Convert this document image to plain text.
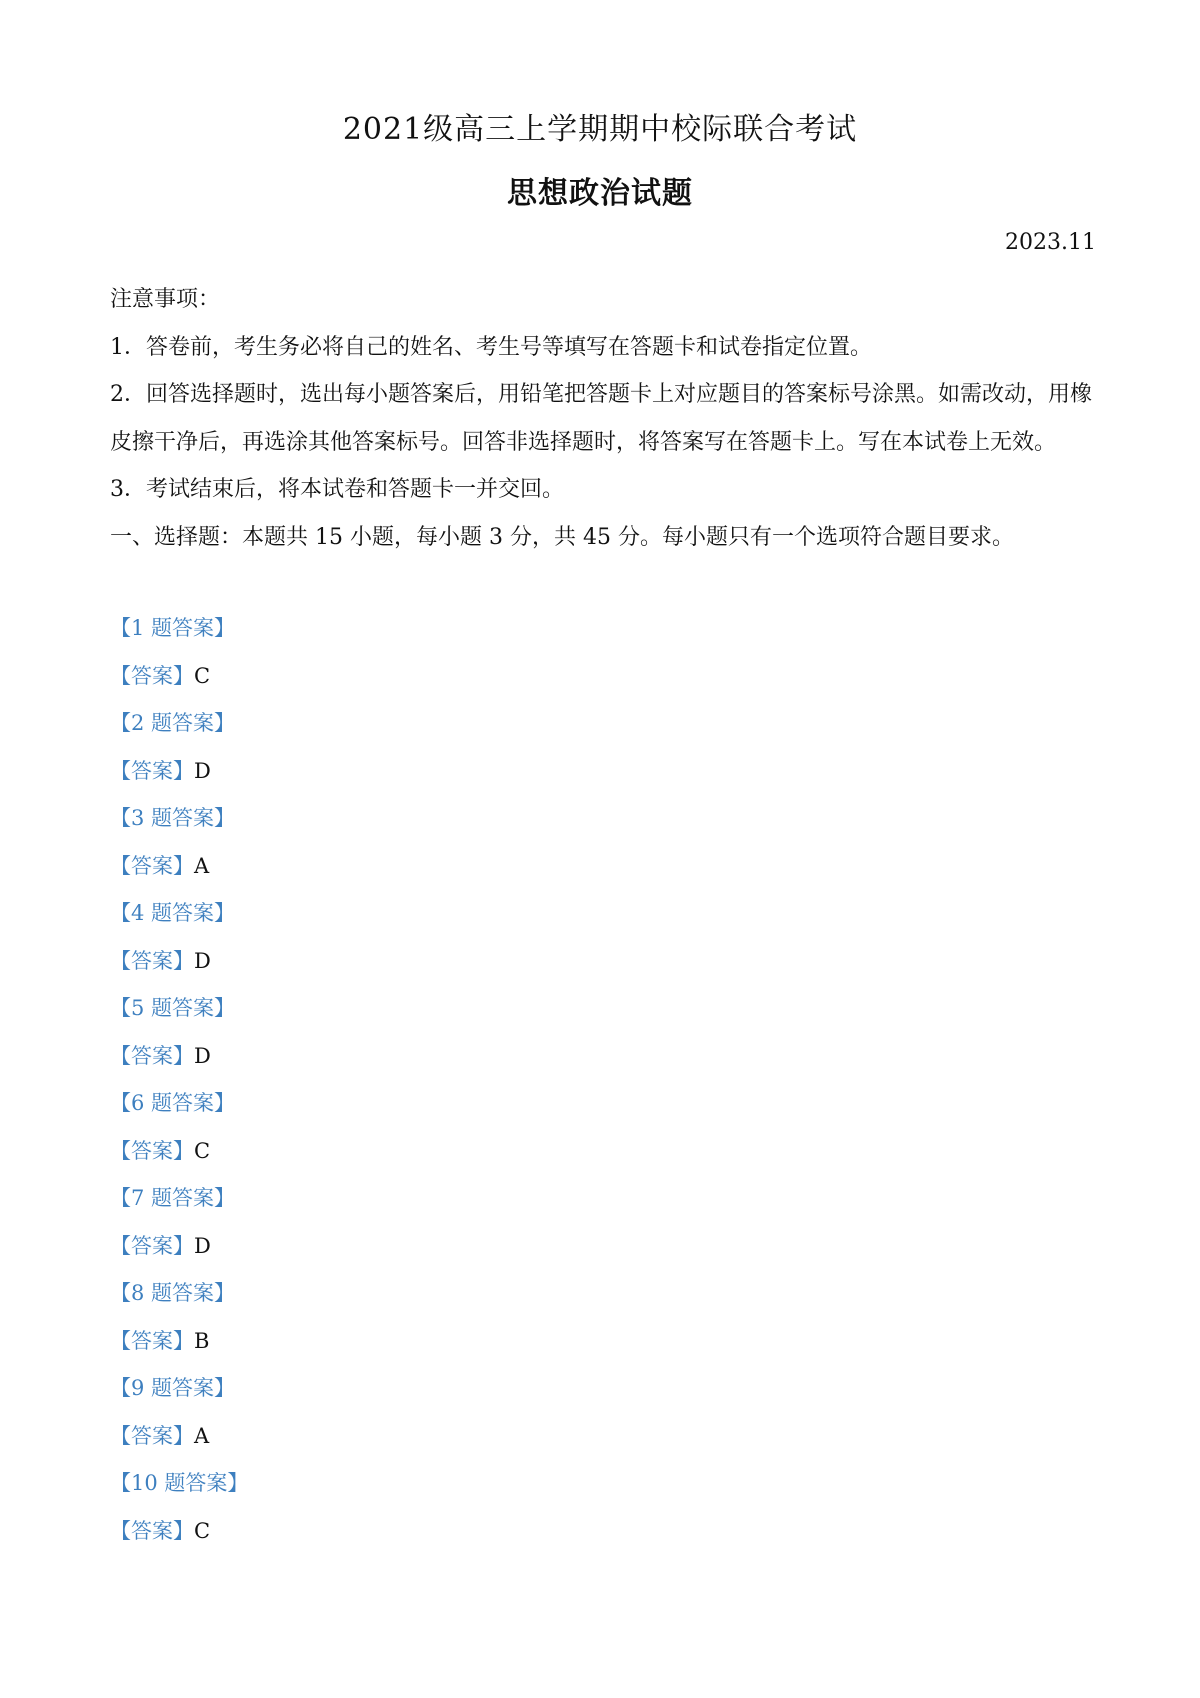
2021级高三上学期期中校际联合考试
思想政治试题
2023.11

注意事项：

1．答卷前，考生务必将自己的姓名、考生号等填写在答题卡和试卷指定位置。

2．回答选择题时，选出每小题答案后，用铅笔把答题卡上对应题目的答案标号涂黑。如需改动，用橡皮擦干净后，再选涂其他答案标号。回答非选择题时，将答案写在答题卡上。写在本试卷上无效。

3．考试结束后，将本试卷和答题卡一并交回。

一、选择题：本题共 15 小题，每小题 3 分，共 45 分。每小题只有一个选项符合题目要求。

【1 题答案】

【答案】C

【2 题答案】

【答案】D

【3 题答案】

【答案】A

【4 题答案】

【答案】D

【5 题答案】

【答案】D

【6 题答案】

【答案】C

【7 题答案】

【答案】D

【8 题答案】

【答案】B

【9 题答案】

【答案】A

【10 题答案】

【答案】C
